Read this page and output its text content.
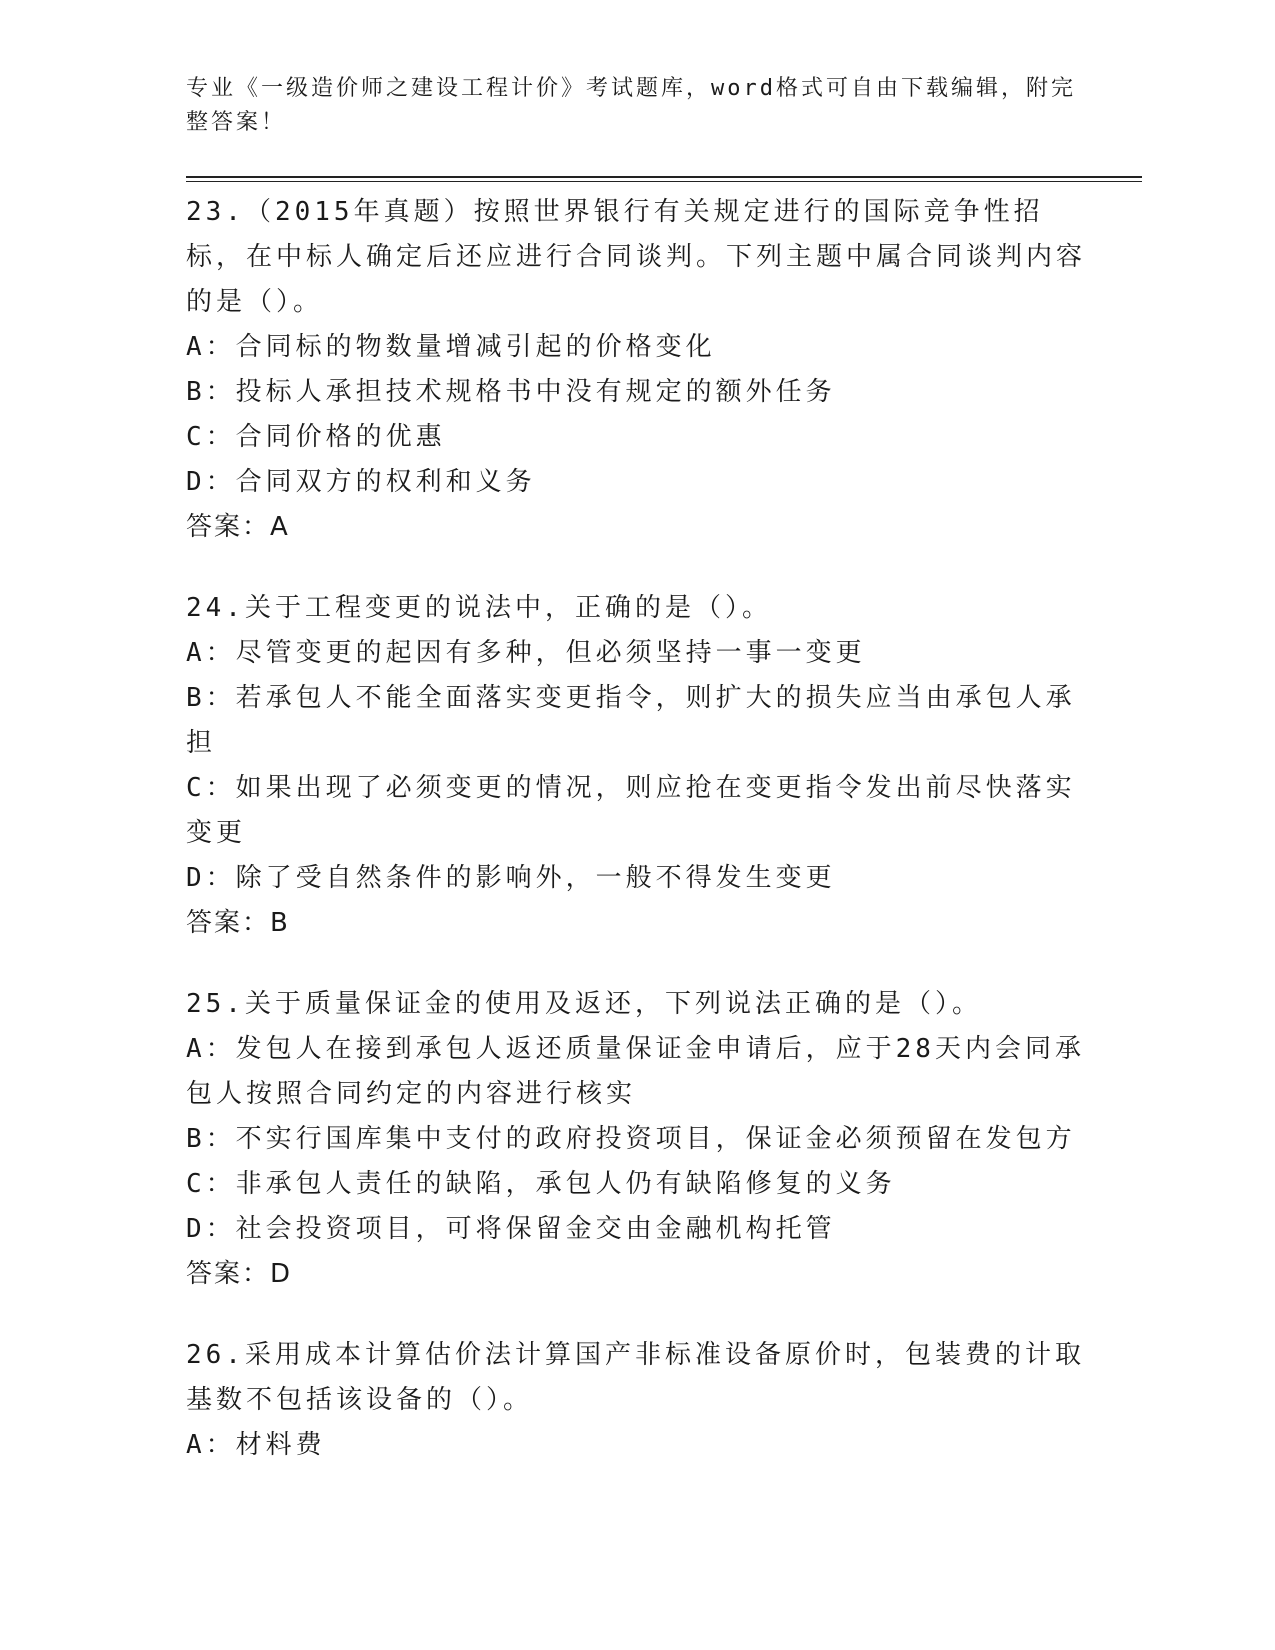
专业《一级造价师之建设工程计价》考试题库，word格式可自由下载编辑，附完整答案！
23.（2015年真题）按照世界银行有关规定进行的国际竞争性招标，在中标人确定后还应进行合同谈判。下列主题中属合同谈判内容的是（）。
A：合同标的物数量增减引起的价格变化
B：投标人承担技术规格书中没有规定的额外任务
C：合同价格的优惠
D：合同双方的权利和义务
答案：A
24.关于工程变更的说法中，正确的是（）。
A：尽管变更的起因有多种，但必须坚持一事一变更
B：若承包人不能全面落实变更指令，则扩大的损失应当由承包人承担
C：如果出现了必须变更的情况，则应抢在变更指令发出前尽快落实变更
D：除了受自然条件的影响外，一般不得发生变更
答案：B
25.关于质量保证金的使用及返还，下列说法正确的是（）。
A：发包人在接到承包人返还质量保证金申请后，应于28天内会同承包人按照合同约定的内容进行核实
B：不实行国库集中支付的政府投资项目，保证金必须预留在发包方
C：非承包人责任的缺陷，承包人仍有缺陷修复的义务
D：社会投资项目，可将保留金交由金融机构托管
答案：D
26.采用成本计算估价法计算国产非标准设备原价时，包装费的计取基数不包括该设备的（）。
A：材料费
